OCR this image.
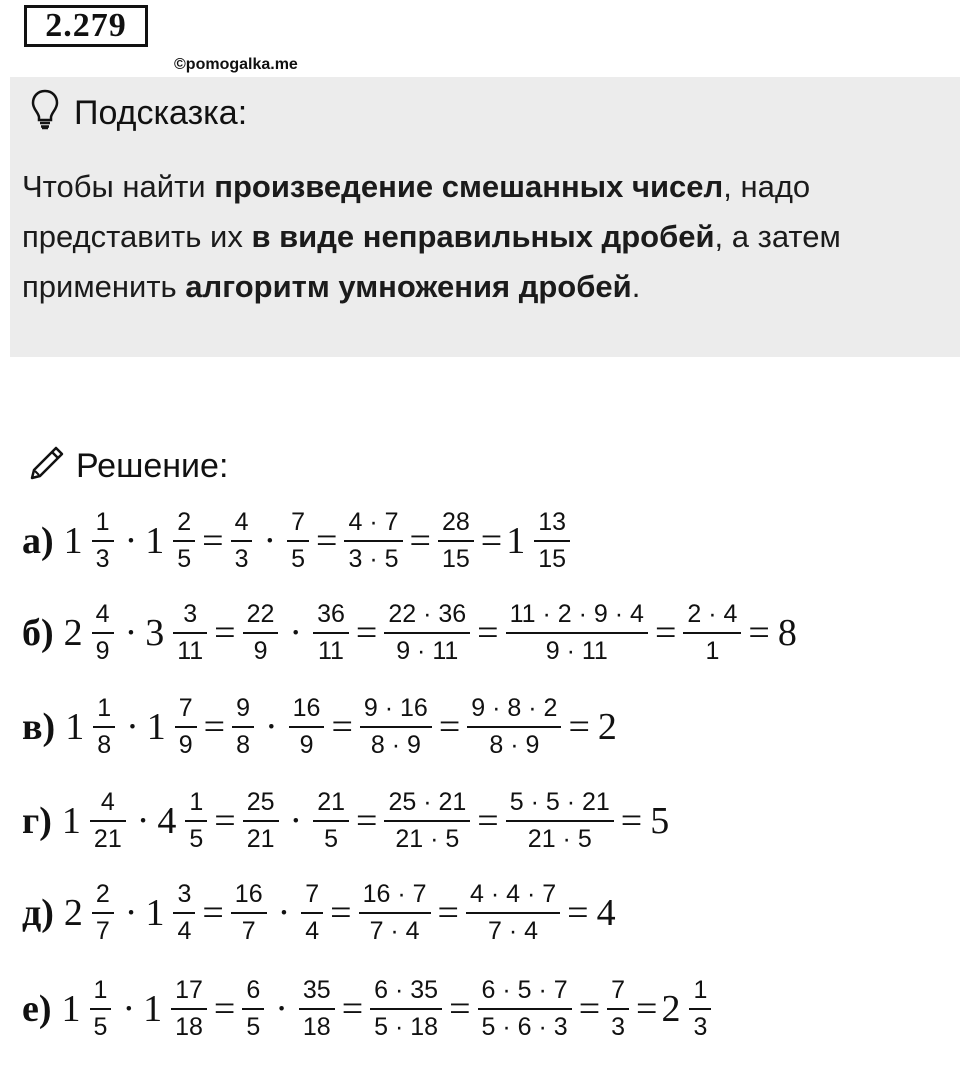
2.279
©pomogalka.me
Подсказка:
Чтобы найти произведение смешанных чисел, надо представить их в виде неправильных дробей, а затем применить алгоритм умножения дробей.
Решение:
а) $1 \frac{1}{3} \cdot 1 \frac{2}{5} = \frac{4}{3} \cdot \frac{7}{5} = \frac{4 \cdot 7}{3 \cdot 5} = \frac{28}{15} = 1 \frac{13}{15}$
б) $2 \frac{4}{9} \cdot 3 \frac{3}{11} = \frac{22}{9} \cdot \frac{36}{11} = \frac{22 \cdot 36}{9 \cdot 11} = \frac{11 \cdot 2 \cdot 9 \cdot 4}{9 \cdot 11} = \frac{2 \cdot 4}{1} = 8$
в) $1 \frac{1}{8} \cdot 1 \frac{7}{9} = \frac{9}{8} \cdot \frac{16}{9} = \frac{9 \cdot 16}{8 \cdot 9} = \frac{9 \cdot 8 \cdot 2}{8 \cdot 9} = 2$
г) $1 \frac{4}{21} \cdot 4 \frac{1}{5} = \frac{25}{21} \cdot \frac{21}{5} = \frac{25 \cdot 21}{21 \cdot 5} = \frac{5 \cdot 5 \cdot 21}{21 \cdot 5} = 5$
д) $2 \frac{2}{7} \cdot 1 \frac{3}{4} = \frac{16}{7} \cdot \frac{7}{4} = \frac{16 \cdot 7}{7 \cdot 4} = \frac{4 \cdot 4 \cdot 7}{7 \cdot 4} = 4$
е) $1 \frac{1}{5} \cdot 1 \frac{17}{18} = \frac{6}{5} \cdot \frac{35}{18} = \frac{6 \cdot 35}{5 \cdot 18} = \frac{6 \cdot 5 \cdot 7}{5 \cdot 6 \cdot 3} = \frac{7}{3} = 2 \frac{1}{3}$
